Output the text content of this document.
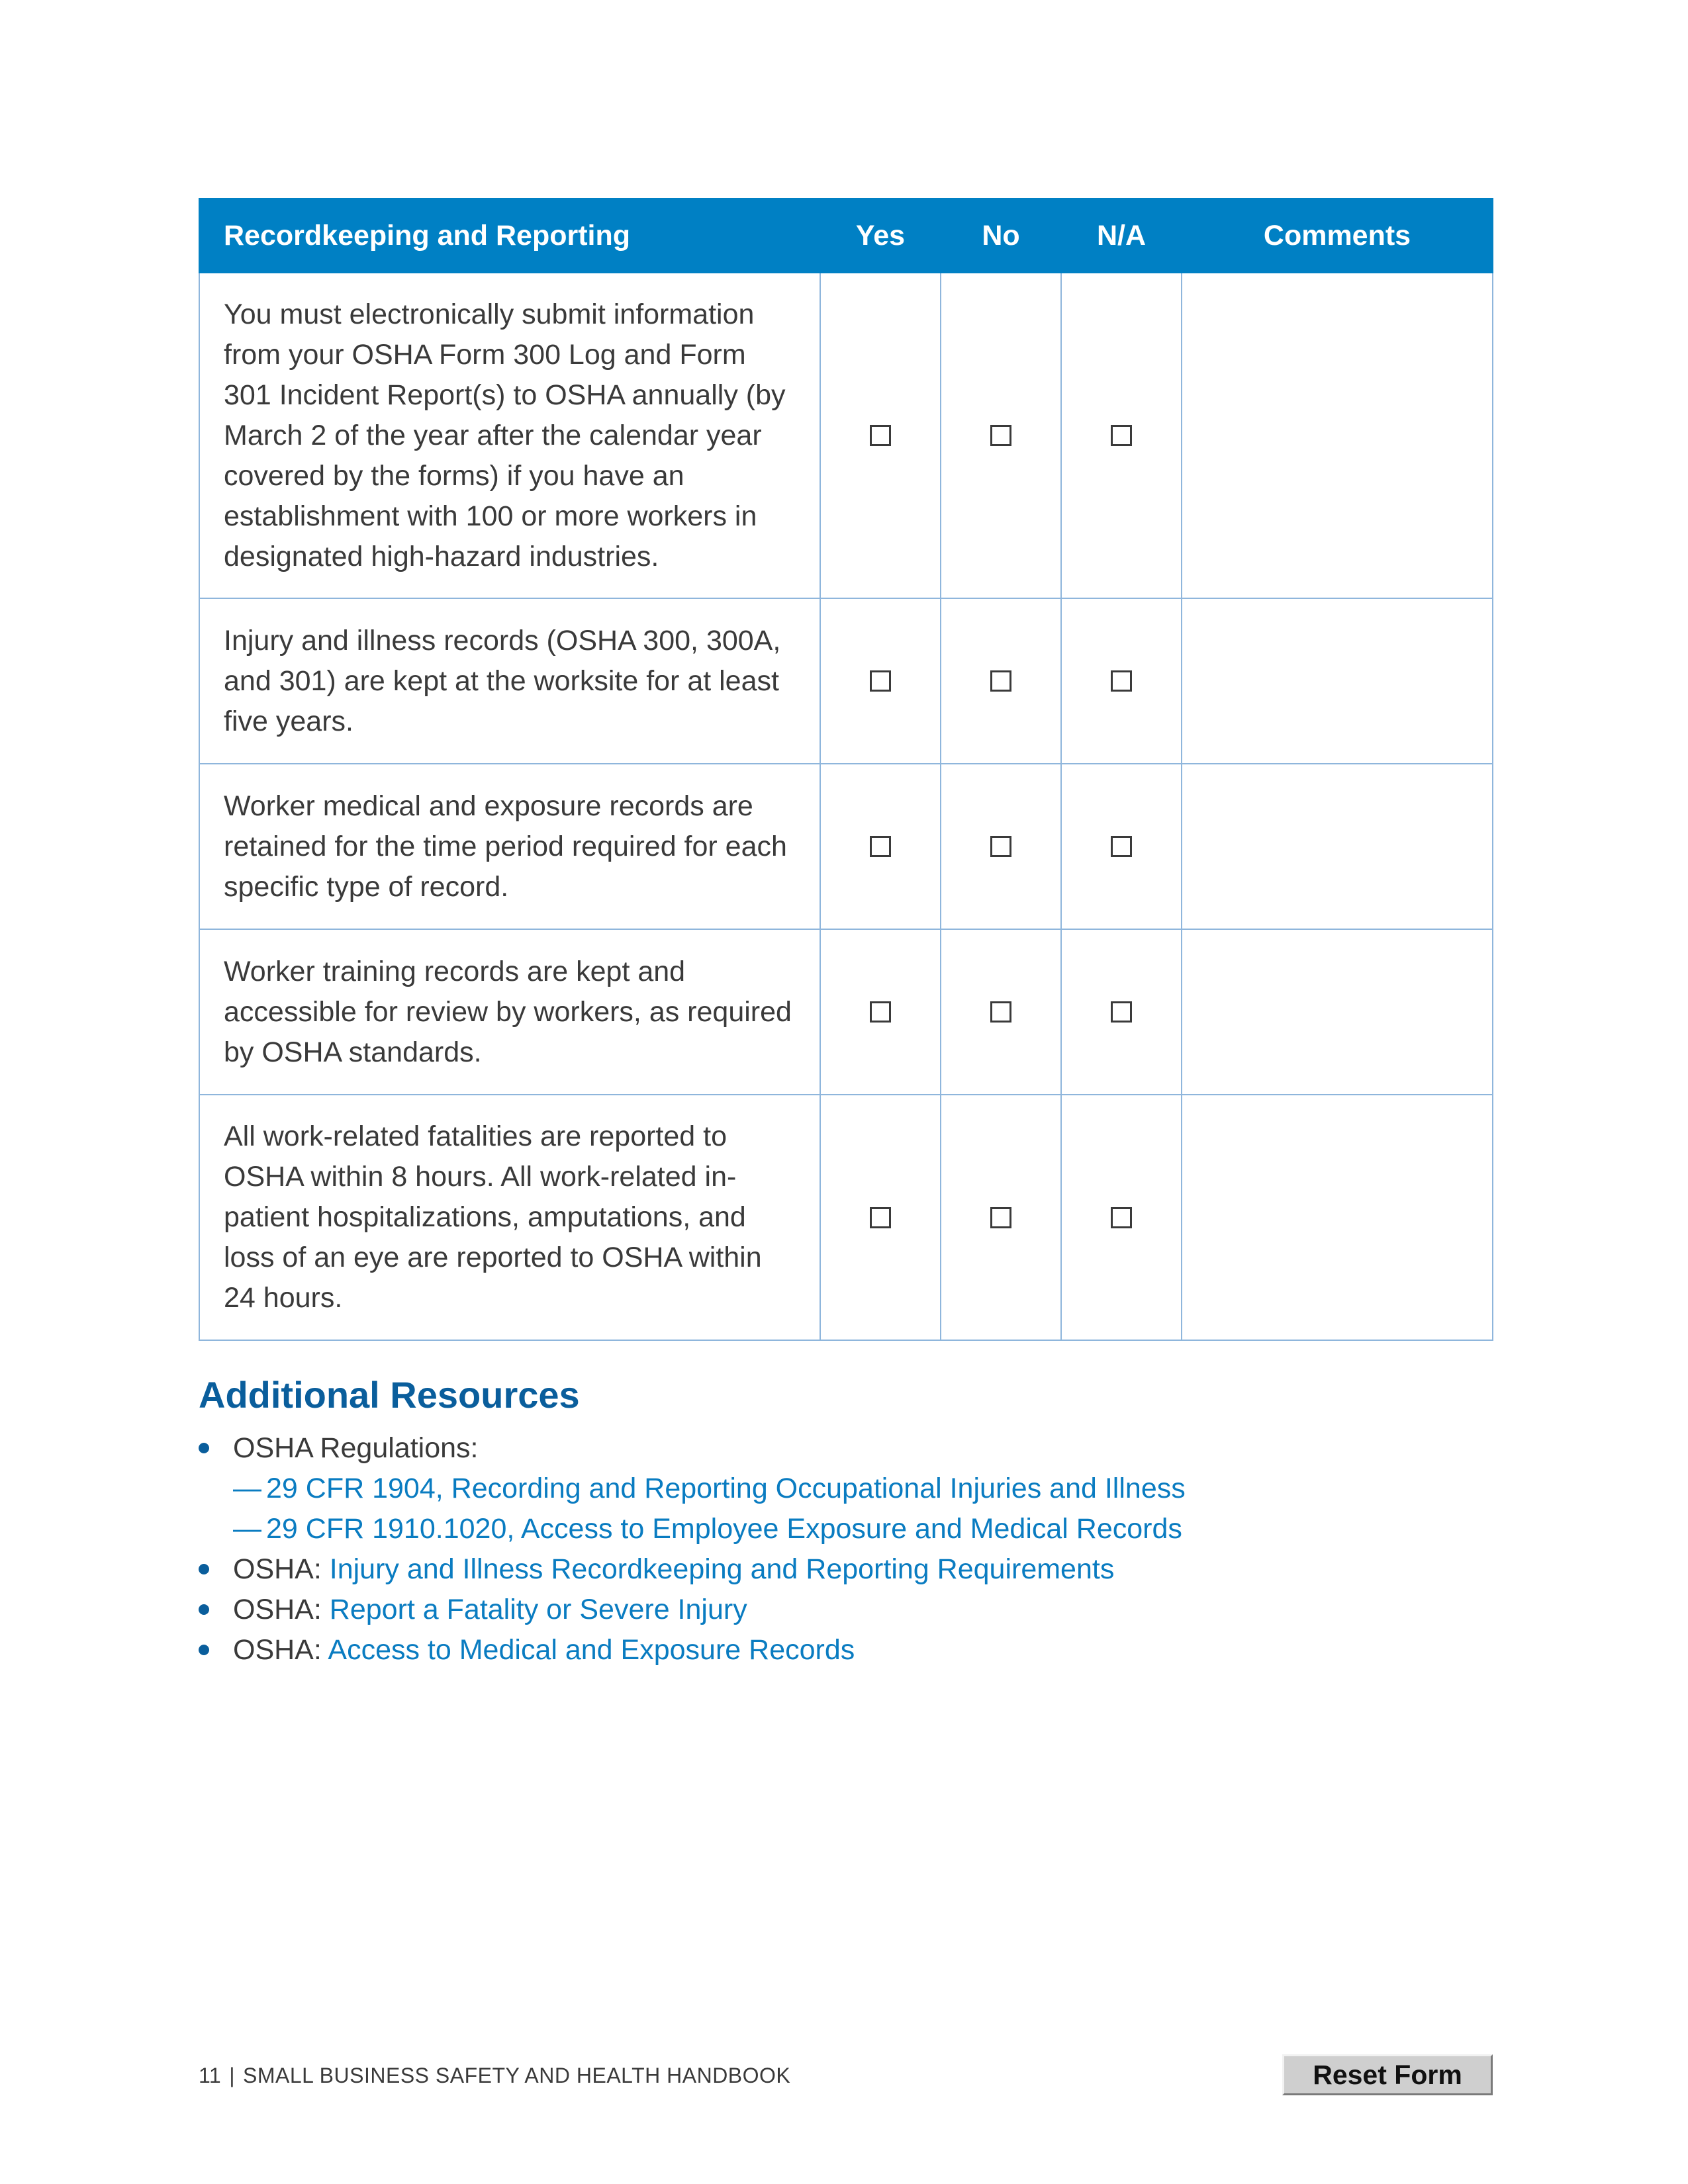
Recordkeeping and Reporting	Yes	No	N/A	Comments
You must electronically submit information from your OSHA Form 300 Log and Form 301 Incident Report(s) to OSHA annually (by March 2 of the year after the calendar year covered by the forms) if you have an establishment with 100 or more workers in designated high-hazard industries.				
Injury and illness records (OSHA 300, 300A, and 301) are kept at the worksite for at least five years.				
Worker medical and exposure records are retained for the time period required for each specific type of record.				
Worker training records are kept and accessible for review by workers, as required by OSHA standards.				
All work-related fatalities are reported to OSHA within 8 hours. All work-related in-patient hospitalizations, amputations, and loss of an eye are reported to OSHA within 24 hours.				
Additional Resources
OSHA Regulations:
— 29 CFR 1904, Recording and Reporting Occupational Injuries and Illness
— 29 CFR 1910.1020, Access to Employee Exposure and Medical Records
OSHA: Injury and Illness Recordkeeping and Reporting Requirements
OSHA: Report a Fatality or Severe Injury
OSHA: Access to Medical and Exposure Records
11 | SMALL BUSINESS SAFETY AND HEALTH HANDBOOK	Reset Form
